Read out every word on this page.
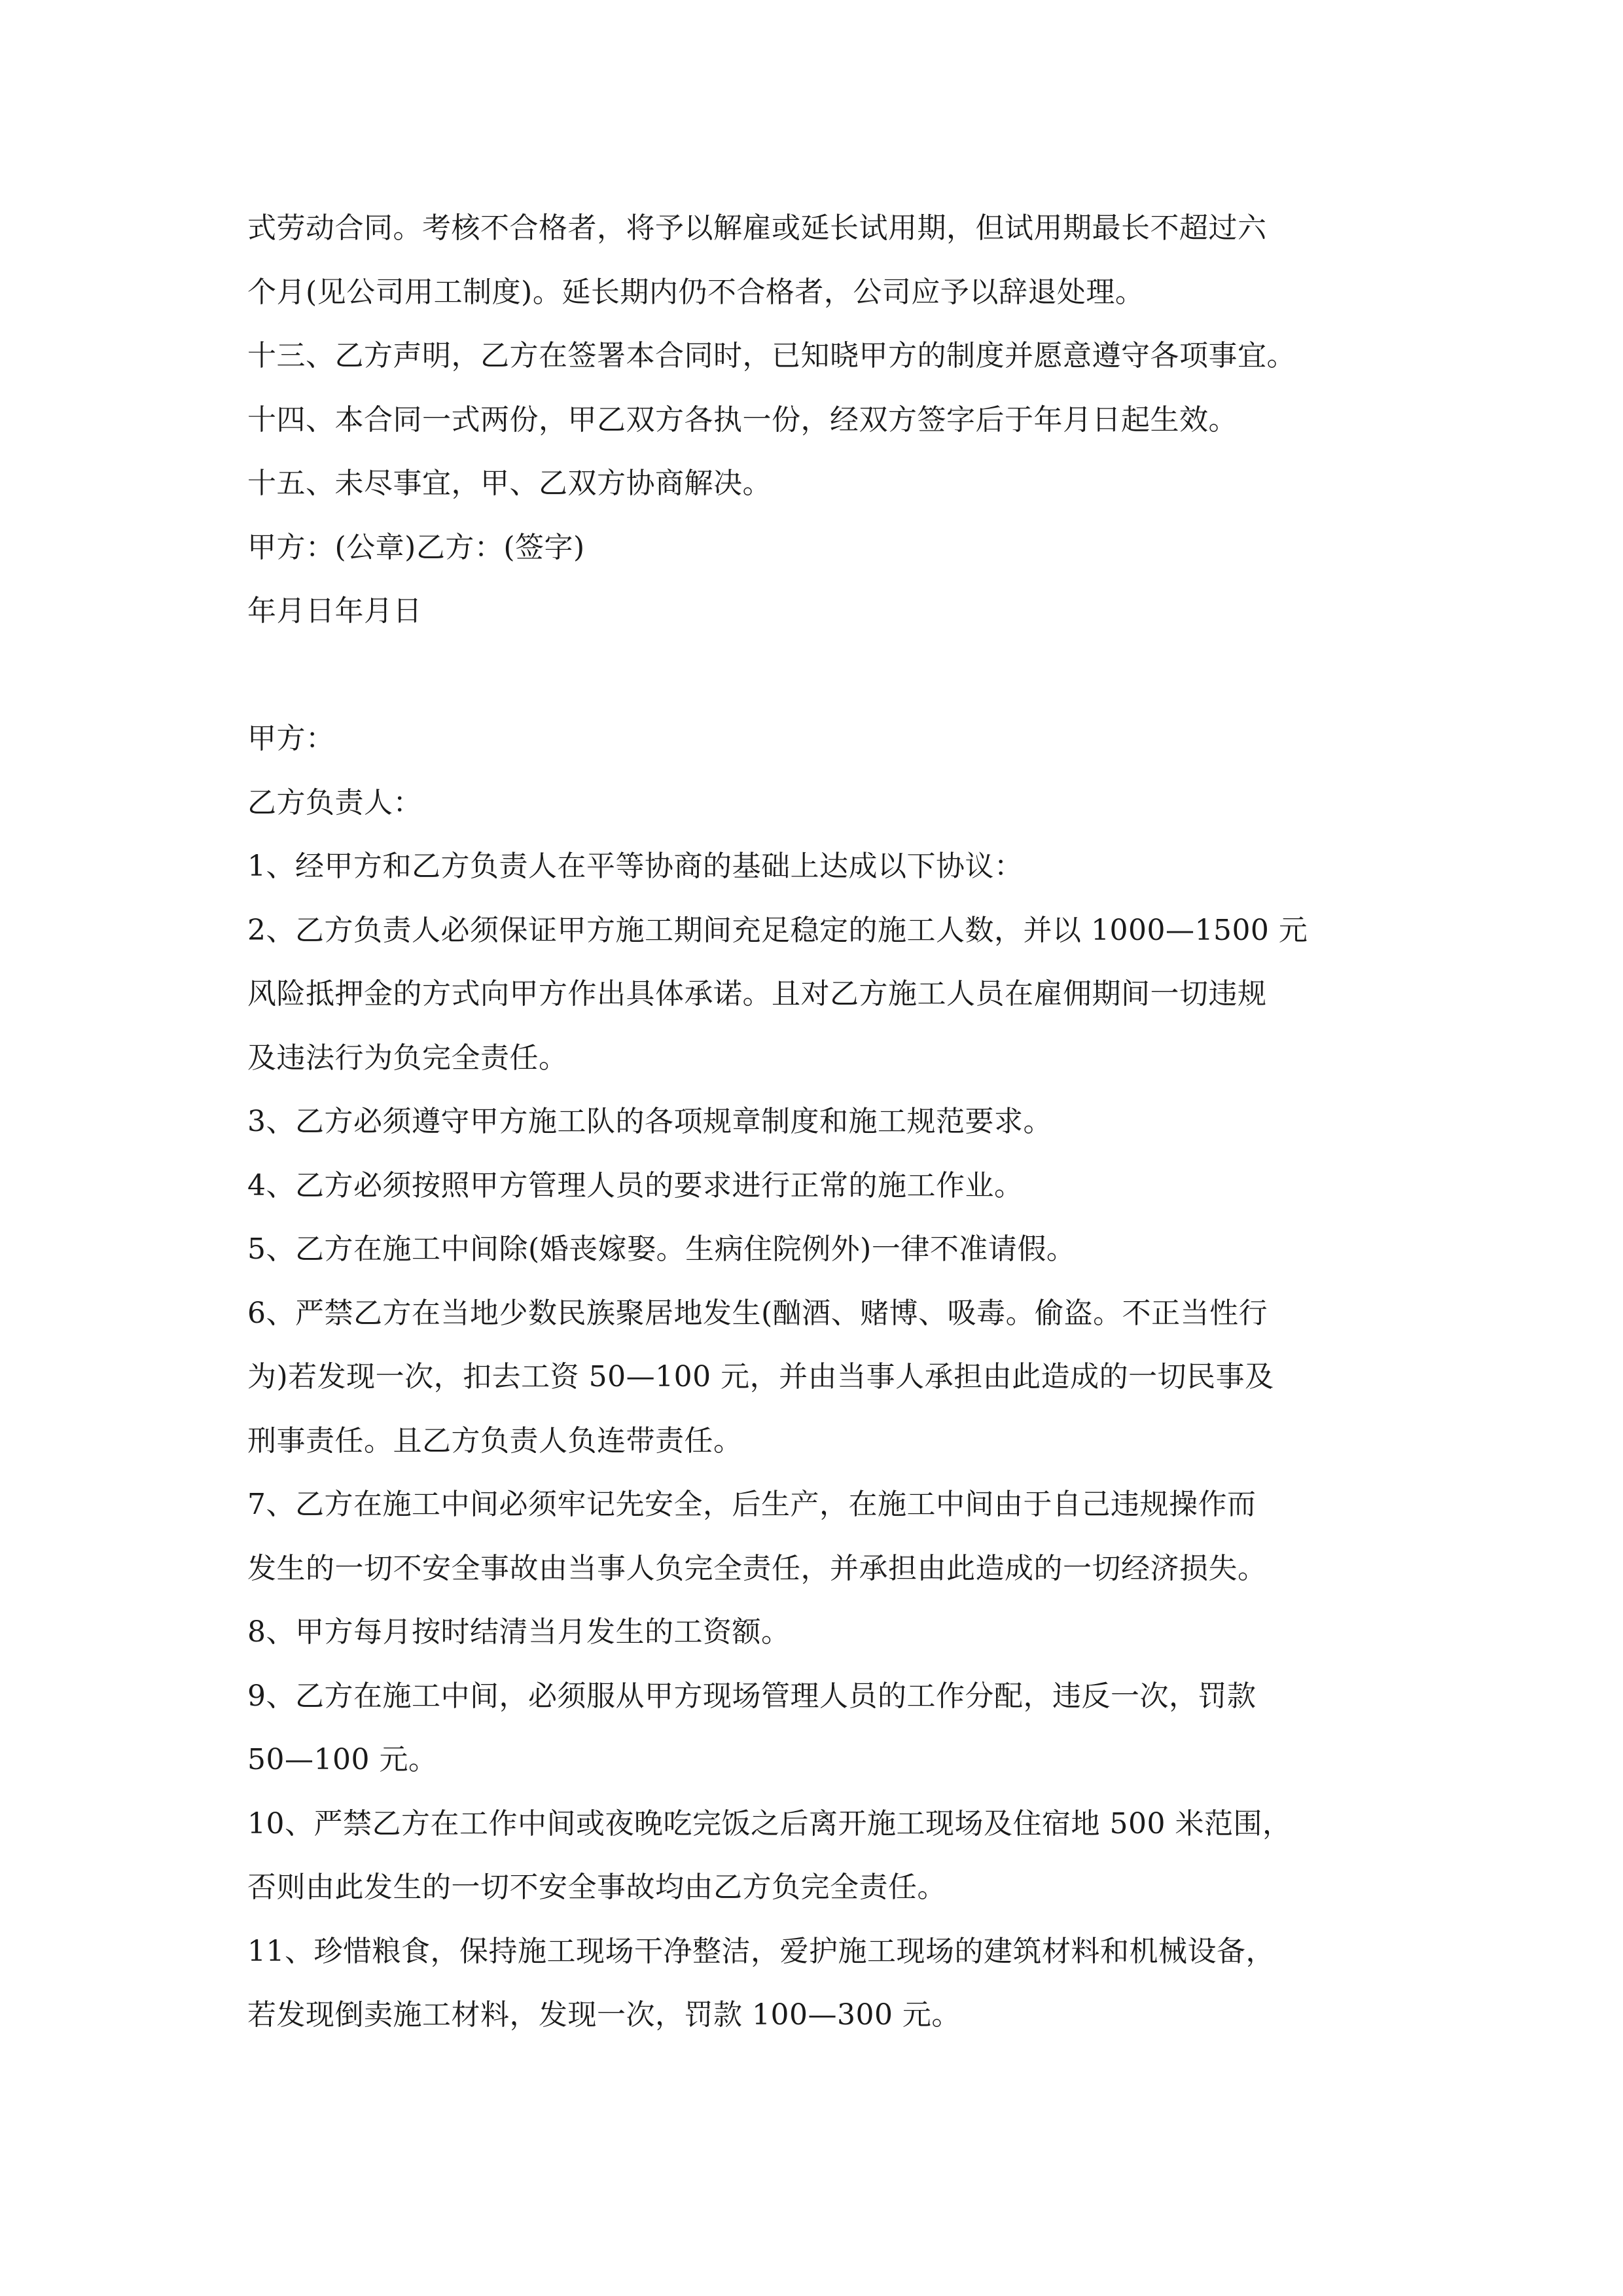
式劳动合同。考核不合格者，将予以解雇或延长试用期，但试用期最长不超过六
个月(见公司用工制度)。延长期内仍不合格者，公司应予以辞退处理。
十三、乙方声明，乙方在签署本合同时，已知晓甲方的制度并愿意遵守各项事宜。
十四、本合同一式两份，甲乙双方各执一份，经双方签字后于年月日起生效。
十五、未尽事宜，甲、乙双方协商解决。
甲方：(公章)乙方：(签字)
年月日年月日
甲方：
乙方负责人：
1、经甲方和乙方负责人在平等协商的基础上达成以下协议：
2、乙方负责人必须保证甲方施工期间充足稳定的施工人数，并以 1000—1500 元
风险抵押金的方式向甲方作出具体承诺。且对乙方施工人员在雇佣期间一切违规
及违法行为负完全责任。
3、乙方必须遵守甲方施工队的各项规章制度和施工规范要求。
4、乙方必须按照甲方管理人员的要求进行正常的施工作业。
5、乙方在施工中间除(婚丧嫁娶。生病住院例外)一律不准请假。
6、严禁乙方在当地少数民族聚居地发生(酗酒、赌博、吸毒。偷盗。不正当性行
为)若发现一次，扣去工资 50—100 元，并由当事人承担由此造成的一切民事及
刑事责任。且乙方负责人负连带责任。
7、乙方在施工中间必须牢记先安全，后生产，在施工中间由于自己违规操作而
发生的一切不安全事故由当事人负完全责任，并承担由此造成的一切经济损失。
8、甲方每月按时结清当月发生的工资额。
9、乙方在施工中间，必须服从甲方现场管理人员的工作分配，违反一次，罚款
50—100 元。
10、严禁乙方在工作中间或夜晚吃完饭之后离开施工现场及住宿地 500 米范围，
否则由此发生的一切不安全事故均由乙方负完全责任。
11、珍惜粮食，保持施工现场干净整洁，爱护施工现场的建筑材料和机械设备，
若发现倒卖施工材料，发现一次，罚款 100—300 元。
